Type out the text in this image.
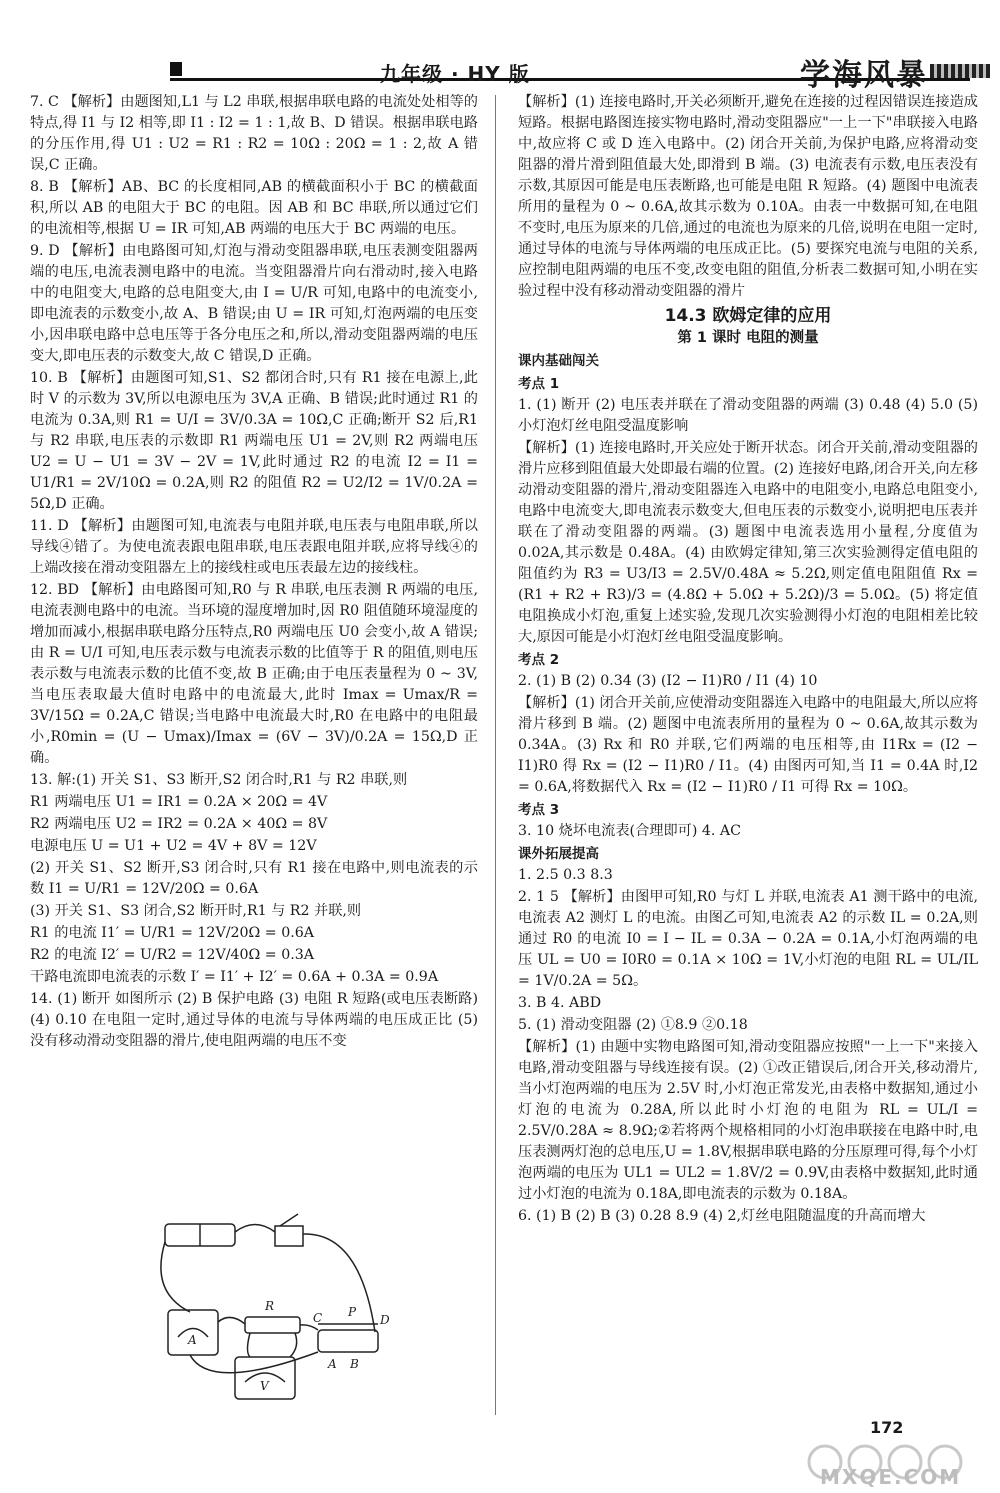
九年级 · HY 版	学海风暴

7. C 【解析】由题图知,L1 与 L2 串联,根据串联电路的电流处处相等的特点,得 I1 与 I2 相等,即 I1 : I2 = 1 : 1,故 B、D 错误。根据串联电路的分压作用,得 U1 : U2 = R1 : R2 = 10Ω : 20Ω = 1 : 2,故 A 错误,C 正确。

8. B 【解析】AB、BC 的长度相同,AB 的横截面积小于 BC 的横截面积,所以 AB 的电阻大于 BC 的电阻。因 AB 和 BC 串联,所以通过它们的电流相等,根据 U = IR 可知,AB 两端的电压大于 BC 两端的电压。

9. D 【解析】由电路图可知,灯泡与滑动变阻器串联,电压表测变阻器两端的电压,电流表测电路中的电流。当变阻器滑片向右滑动时,接入电路中的电阻变大,电路的总电阻变大,由 I = U/R 可知,电路中的电流变小,即电流表的示数变小,故 A、B 错误;由 U = IR 可知,灯泡两端的电压变小,因串联电路中总电压等于各分电压之和,所以,滑动变阻器两端的电压变大,即电压表的示数变大,故 C 错误,D 正确。

10. B 【解析】由题图可知,S1、S2 都闭合时,只有 R1 接在电源上,此时 V 的示数为 3V,所以电源电压为 3V,A 正确、B 错误;此时通过 R1 的电流为 0.3A,则 R1 = U/I = 3V/0.3A = 10Ω,C 正确;断开 S2 后,R1 与 R2 串联,电压表的示数即 R1 两端电压 U1 = 2V,则 R2 两端电压 U2 = U − U1 = 3V − 2V = 1V,此时通过 R2 的电流 I2 = I1 = U1/R1 = 2V/10Ω = 0.2A,则 R2 的阻值 R2 = U2/I2 = 1V/0.2A = 5Ω,D 正确。

11. D 【解析】由题图可知,电流表与电阻并联,电压表与电阻串联,所以导线④错了。为使电流表跟电阻串联,电压表跟电阻并联,应将导线④的上端改接在滑动变阻器左上的接线柱或电压表最左边的接线柱。

12. BD 【解析】由电路图可知,R0 与 R 串联,电压表测 R 两端的电压,电流表测电路中的电流。当环境的湿度增加时,因 R0 阻值随环境湿度的增加而减小,根据串联电路分压特点,R0 两端电压 U0 会变小,故 A 错误;由 R = U/I 可知,电压表示数与电流表示数的比值等于 R 的阻值,则电压表示数与电流表示数的比值不变,故 B 正确;由于电压表量程为 0 ~ 3V,当电压表取最大值时电路中的电流最大,此时 Imax = Umax/R = 3V/15Ω = 0.2A,C 错误;当电路中电流最大时,R0 在电路中的电阻最小,R0min = (U − Umax)/Imax = (6V − 3V)/0.2A = 15Ω,D 正确。

13. 解:(1) 开关 S1、S3 断开,S2 闭合时,R1 与 R2 串联,则

R1 两端电压 U1 = IR1 = 0.2A × 20Ω = 4V

R2 两端电压 U2 = IR2 = 0.2A × 40Ω = 8V

电源电压 U = U1 + U2 = 4V + 8V = 12V

(2) 开关 S1、S2 断开,S3 闭合时,只有 R1 接在电路中,则电流表的示数 I1 = U/R1 = 12V/20Ω = 0.6A

(3) 开关 S1、S3 闭合,S2 断开时,R1 与 R2 并联,则

R1 的电流 I1′ = U/R1 = 12V/20Ω = 0.6A

R2 的电流 I2′ = U/R2 = 12V/40Ω = 0.3A

干路电流即电流表的示数 I′ = I1′ + I2′ = 0.6A + 0.3A = 0.9A

14. (1) 断开 如图所示 (2) B 保护电路 (3) 电阻 R 短路(或电压表断路) (4) 0.10 在电阻一定时,通过导体的电流与导体两端的电压成正比 (5) 没有移动滑动变阻器的滑片,使电阻两端的电压不变

R
C P
D
A B
A
V

【解析】(1) 连接电路时,开关必须断开,避免在连接的过程因错误连接造成短路。根据电路图连接实物电路时,滑动变阻器应"一上一下"串联接入电路中,故应将 C 或 D 连入电路中。(2) 闭合开关前,为保护电路,应将滑动变阻器的滑片滑到阻值最大处,即滑到 B 端。(3) 电流表有示数,电压表没有示数,其原因可能是电压表断路,也可能是电阻 R 短路。(4) 题图中电流表所用的量程为 0 ~ 0.6A,故其示数为 0.10A。由表一中数据可知,在电阻不变时,电压为原来的几倍,通过的电流也为原来的几倍,说明在电阻一定时,通过导体的电流与导体两端的电压成正比。(5) 要探究电流与电阻的关系,应控制电阻两端的电压不变,改变电阻的阻值,分析表二数据可知,小明在实验过程中没有移动滑动变阻器的滑片

14.3 欧姆定律的应用
第 1 课时 电阻的测量
课内基础闯关
考点 1

1. (1) 断开 (2) 电压表并联在了滑动变阻器的两端 (3) 0.48 (4) 5.0 (5) 小灯泡灯丝电阻受温度影响

【解析】(1) 连接电路时,开关应处于断开状态。闭合开关前,滑动变阻器的滑片应移到阻值最大处即最右端的位置。(2) 连接好电路,闭合开关,向左移动滑动变阻器的滑片,滑动变阻器连入电路中的电阻变小,电路总电阻变小,电路中电流变大,即电流表示数变大,但电压表的示数变小,说明把电压表并联在了滑动变阻器的两端。(3) 题图中电流表选用小量程,分度值为 0.02A,其示数是 0.48A。(4) 由欧姆定律知,第三次实验测得定值电阻的阻值约为 R3 = U3/I3 = 2.5V/0.48A ≈ 5.2Ω,则定值电阻阻值 Rx = (R1 + R2 + R3)/3 = (4.8Ω + 5.0Ω + 5.2Ω)/3 = 5.0Ω。(5) 将定值电阻换成小灯泡,重复上述实验,发现几次实验测得小灯泡的电阻相差比较大,原因可能是小灯泡灯丝电阻受温度影响。

考点 2

2. (1) B (2) 0.34 (3) (I2 − I1)R0 / I1 (4) 10

【解析】(1) 闭合开关前,应使滑动变阻器连入电路中的电阻最大,所以应将滑片移到 B 端。(2) 题图中电流表所用的量程为 0 ~ 0.6A,故其示数为 0.34A。(3) Rx 和 R0 并联,它们两端的电压相等,由 I1Rx = (I2 − I1)R0 得 Rx = (I2 − I1)R0 / I1。(4) 由图丙可知,当 I1 = 0.4A 时,I2 = 0.6A,将数据代入 Rx = (I2 − I1)R0 / I1 可得 Rx = 10Ω。

考点 3

3. 10 烧坏电流表(合理即可) 4. AC

课外拓展提高

1. 2.5 0.3 8.3

2. 1 5 【解析】由图甲可知,R0 与灯 L 并联,电流表 A1 测干路中的电流,电流表 A2 测灯 L 的电流。由图乙可知,电流表 A2 的示数 IL = 0.2A,则通过 R0 的电流 I0 = I − IL = 0.3A − 0.2A = 0.1A,小灯泡两端的电压 UL = U0 = I0R0 = 0.1A × 10Ω = 1V,小灯泡的电阻 RL = UL/IL = 1V/0.2A = 5Ω。

3. B 4. ABD

5. (1) 滑动变阻器 (2) ①8.9 ②0.18

【解析】(1) 由题中实物电路图可知,滑动变阻器应按照"一上一下"来接入电路,滑动变阻器与导线连接有误。(2) ①改正错误后,闭合开关,移动滑片,当小灯泡两端的电压为 2.5V 时,小灯泡正常发光,由表格中数据知,通过小灯泡的电流为 0.28A,所以此时小灯泡的电阻为 RL = UL/I = 2.5V/0.28A ≈ 8.9Ω;②若将两个规格相同的小灯泡串联接在电路中时,电压表测两灯泡的总电压,U = 1.8V,根据串联电路的分压原理可得,每个小灯泡两端的电压为 UL1 = UL2 = 1.8V/2 = 0.9V,由表格中数据知,此时通过小灯泡的电流为 0.18A,即电流表的示数为 0.18A。

6. (1) B (2) B (3) 0.28 8.9 (4) 2,灯丝电阻随温度的升高而增大

172
MXQE.COM
